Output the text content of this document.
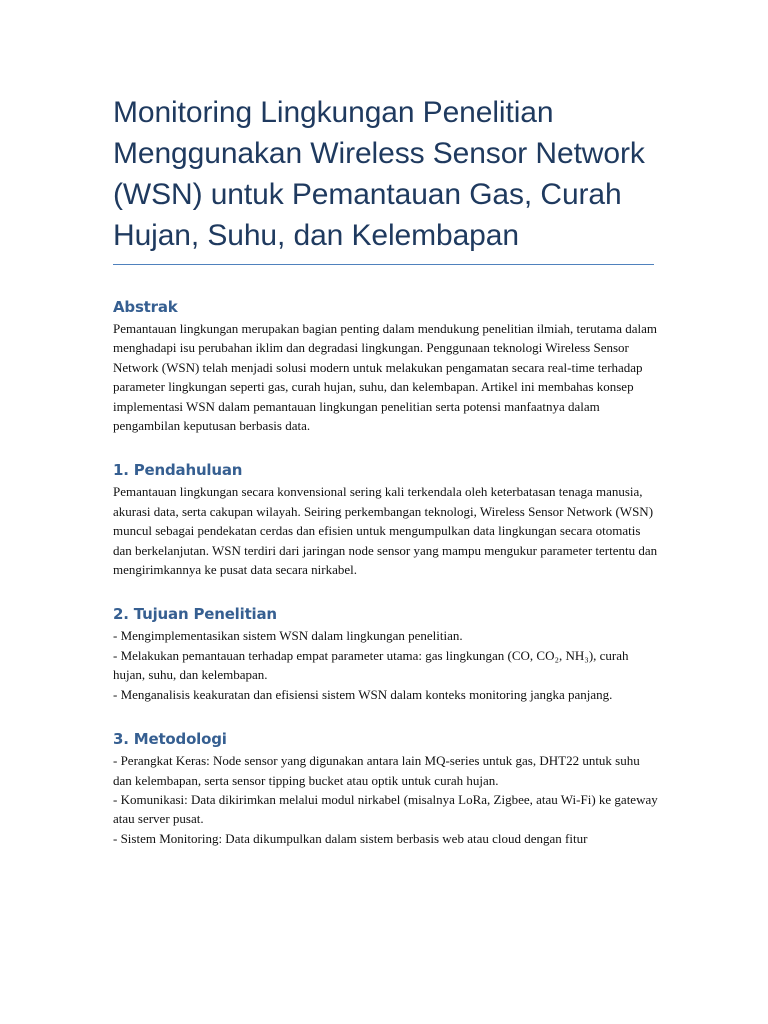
Monitoring Lingkungan Penelitian Menggunakan Wireless Sensor Network (WSN) untuk Pemantauan Gas, Curah Hujan, Suhu, dan Kelembapan
Abstrak
Pemantauan lingkungan merupakan bagian penting dalam mendukung penelitian ilmiah, terutama dalam menghadapi isu perubahan iklim dan degradasi lingkungan. Penggunaan teknologi Wireless Sensor Network (WSN) telah menjadi solusi modern untuk melakukan pengamatan secara real-time terhadap parameter lingkungan seperti gas, curah hujan, suhu, dan kelembapan. Artikel ini membahas konsep implementasi WSN dalam pemantauan lingkungan penelitian serta potensi manfaatnya dalam pengambilan keputusan berbasis data.
1. Pendahuluan
Pemantauan lingkungan secara konvensional sering kali terkendala oleh keterbatasan tenaga manusia, akurasi data, serta cakupan wilayah. Seiring perkembangan teknologi, Wireless Sensor Network (WSN) muncul sebagai pendekatan cerdas dan efisien untuk mengumpulkan data lingkungan secara otomatis dan berkelanjutan. WSN terdiri dari jaringan node sensor yang mampu mengukur parameter tertentu dan mengirimkannya ke pusat data secara nirkabel.
2. Tujuan Penelitian

- Mengimplementasikan sistem WSN dalam lingkungan penelitian.

- Melakukan pemantauan terhadap empat parameter utama: gas lingkungan (CO, CO₂, NH₃), curah hujan, suhu, dan kelembapan.

- Menganalisis keakuratan dan efisiensi sistem WSN dalam konteks monitoring jangka panjang.

3. Metodologi

- Perangkat Keras: Node sensor yang digunakan antara lain MQ-series untuk gas, DHT22 untuk suhu dan kelembapan, serta sensor tipping bucket atau optik untuk curah hujan.

- Komunikasi: Data dikirimkan melalui modul nirkabel (misalnya LoRa, Zigbee, atau Wi-Fi) ke gateway atau server pusat.

- Sistem Monitoring: Data dikumpulkan dalam sistem berbasis web atau cloud dengan fitur
